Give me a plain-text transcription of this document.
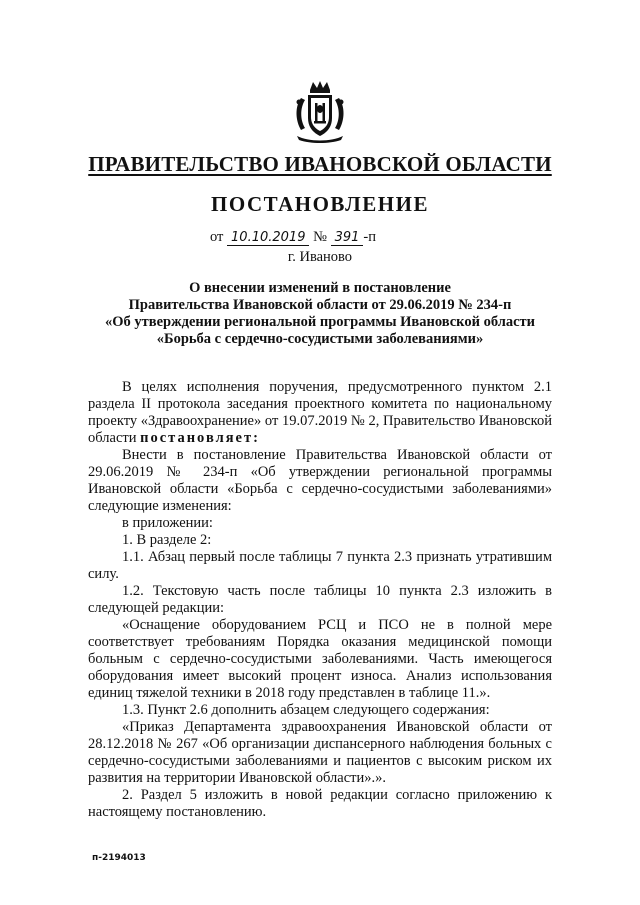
ПРАВИТЕЛЬСТВО ИВАНОВСКОЙ ОБЛАСТИ
ПОСТАНОВЛЕНИЕ
от 10.10.2019 № 391 -п
г. Иваново
О внесении изменений в постановление
Правительства Ивановской области от 29.06.2019 № 234-п
«Об утверждении региональной программы Ивановской области
«Борьба с сердечно-сосудистыми заболеваниями»

В целях исполнения поручения, предусмотренного пунктом 2.1 раздела II протокола заседания проектного комитета по национальному проекту «Здравоохранение» от 19.07.2019 № 2, Правительство Ивановской области постановляет:

Внести в постановление Правительства Ивановской области от 29.06.2019 № 234-п «Об утверждении региональной программы Ивановской области «Борьба с сердечно-сосудистыми заболеваниями» следующие изменения:

в приложении:

1. В разделе 2:

1.1. Абзац первый после таблицы 7 пункта 2.3 признать утратившим силу.

1.2. Текстовую часть после таблицы 10 пункта 2.3 изложить в следующей редакции:

«Оснащение оборудованием РСЦ и ПСО не в полной мере соответствует требованиям Порядка оказания медицинской помощи больным с сердечно-сосудистыми заболеваниями. Часть имеющегося оборудования имеет высокий процент износа. Анализ использования единиц тяжелой техники в 2018 году представлен в таблице 11.».

1.3. Пункт 2.6 дополнить абзацем следующего содержания:

«Приказ Департамента здравоохранения Ивановской области от 28.12.2018 № 267 «Об организации диспансерного наблюдения больных с сердечно-сосудистыми заболеваниями и пациентов с высоким риском их развития на территории Ивановской области».».

2. Раздел 5 изложить в новой редакции согласно приложению к настоящему постановлению.

п-2194013
